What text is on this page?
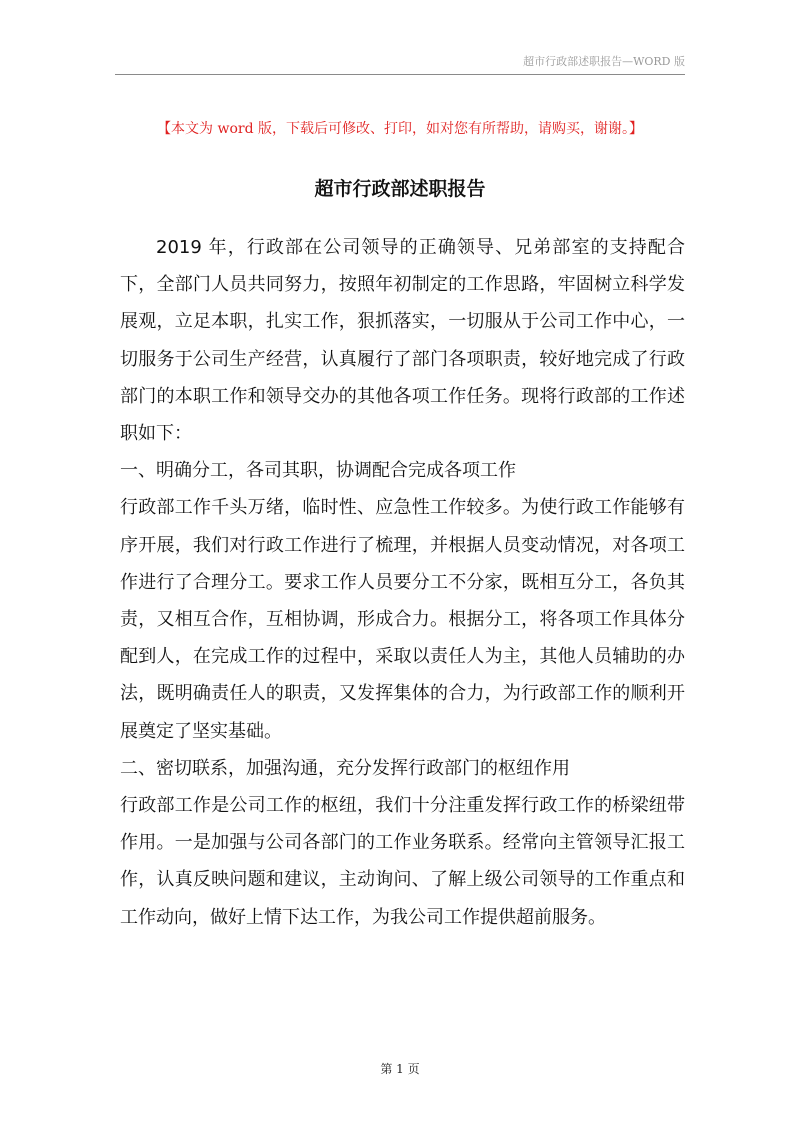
超市行政部述职报告—WORD 版
【本文为 word 版，下载后可修改、打印，如对您有所帮助，请购买，谢谢。】
超市行政部述职报告

2019 年，行政部在公司领导的正确领导、兄弟部室的支持配合下，全部门人员共同努力，按照年初制定的工作思路，牢固树立科学发展观，立足本职，扎实工作，狠抓落实，一切服从于公司工作中心，一切服务于公司生产经营，认真履行了部门各项职责，较好地完成了行政部门的本职工作和领导交办的其他各项工作任务。现将行政部的工作述职如下：

一、明确分工，各司其职，协调配合完成各项工作

行政部工作千头万绪，临时性、应急性工作较多。为使行政工作能够有序开展，我们对行政工作进行了梳理，并根据人员变动情况，对各项工作进行了合理分工。要求工作人员要分工不分家，既相互分工，各负其责，又相互合作，互相协调，形成合力。根据分工，将各项工作具体分配到人，在完成工作的过程中，采取以责任人为主，其他人员辅助的办法，既明确责任人的职责，又发挥集体的合力，为行政部工作的顺利开展奠定了坚实基础。

二、密切联系，加强沟通，充分发挥行政部门的枢纽作用

行政部工作是公司工作的枢纽，我们十分注重发挥行政工作的桥梁纽带作用。一是加强与公司各部门的工作业务联系。经常向主管领导汇报工作，认真反映问题和建议，主动询问、了解上级公司领导的工作重点和工作动向，做好上情下达工作，为我公司工作提供超前服务。

第 1 页
